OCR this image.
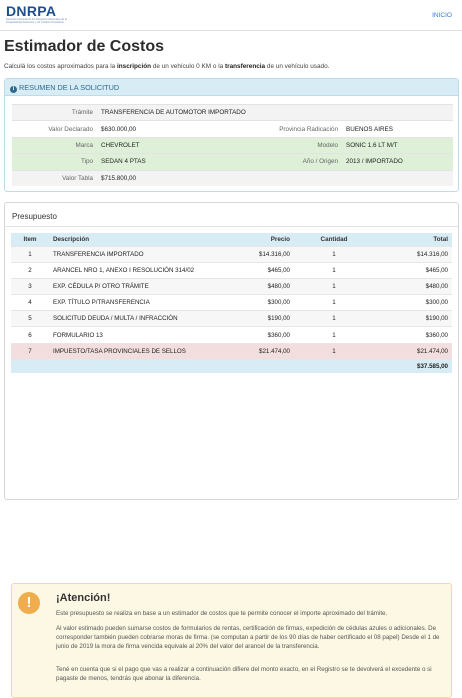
DNRPA
Dirección Nacional de los Registros Nacionales de la Propiedad del Automotor y de Créditos Prendarios
INICIO
Estimador de Costos
Calculá los costos aproximados para la inscripción de un vehículo 0 KM o la transferencia de un vehículo usado.
i RESUMEN DE LA SOLICITUD
Trámite	TRANSFERENCIA DE AUTOMOTOR IMPORTADO		
Valor Declarado	$630.000,00	Provincia Radicación	BUENOS AIRES
Marca	CHEVROLET	Modelo	SONIC 1.6 LT M/T
Tipo	SEDAN 4 PTAS	Año / Origen	2013 / IMPORTADO
Valor Tabla	$715.800,00		
Presupuesto
Item	Descripción	Precio	Cantidad	Total
1	TRANSFERENCIA IMPORTADO	$14.316,00	1	$14.316,00
2	ARANCEL NRO 1, ANEXO I RESOLUCIÓN 314/02	$465,00	1	$465,00
3	EXP. CÉDULA P/ OTRO TRÁMITE	$480,00	1	$480,00
4	EXP. TÍTULO P/TRANSFERENCIA	$300,00	1	$300,00
5	SOLICITUD DEUDA / MULTA / INFRACCIÓN	$190,00	1	$190,00
6	FORMULARIO 13	$360,00	1	$360,00
7	IMPUESTO/TASA PROVINCIALES DE SELLOS	$21.474,00	1	$21.474,00
				$37.585,00
!	¡Atención!

Este presupuesto se realiza en base a un estimador de costos que te permite conocer el importe aproximado del trámite.

Al valor estimado pueden sumarse costos de formularios de rentas, certificación de firmas, expedición de cédulas azules o adicionales. De corresponder también pueden cobrarse moras de firma. (se computan a partir de los 90 días de haber certificado el 08 papel) Desde el 1 de junio de 2019 la mora de firma vencida equivale al 20% del valor del arancel de la transferencia.

Tené en cuenta que si el pago que vas a realizar a continuación difiere del monto exacto, en el Registro se te devolverá el excedente o si pagaste de menos, tendrás que abonar la diferencia.
